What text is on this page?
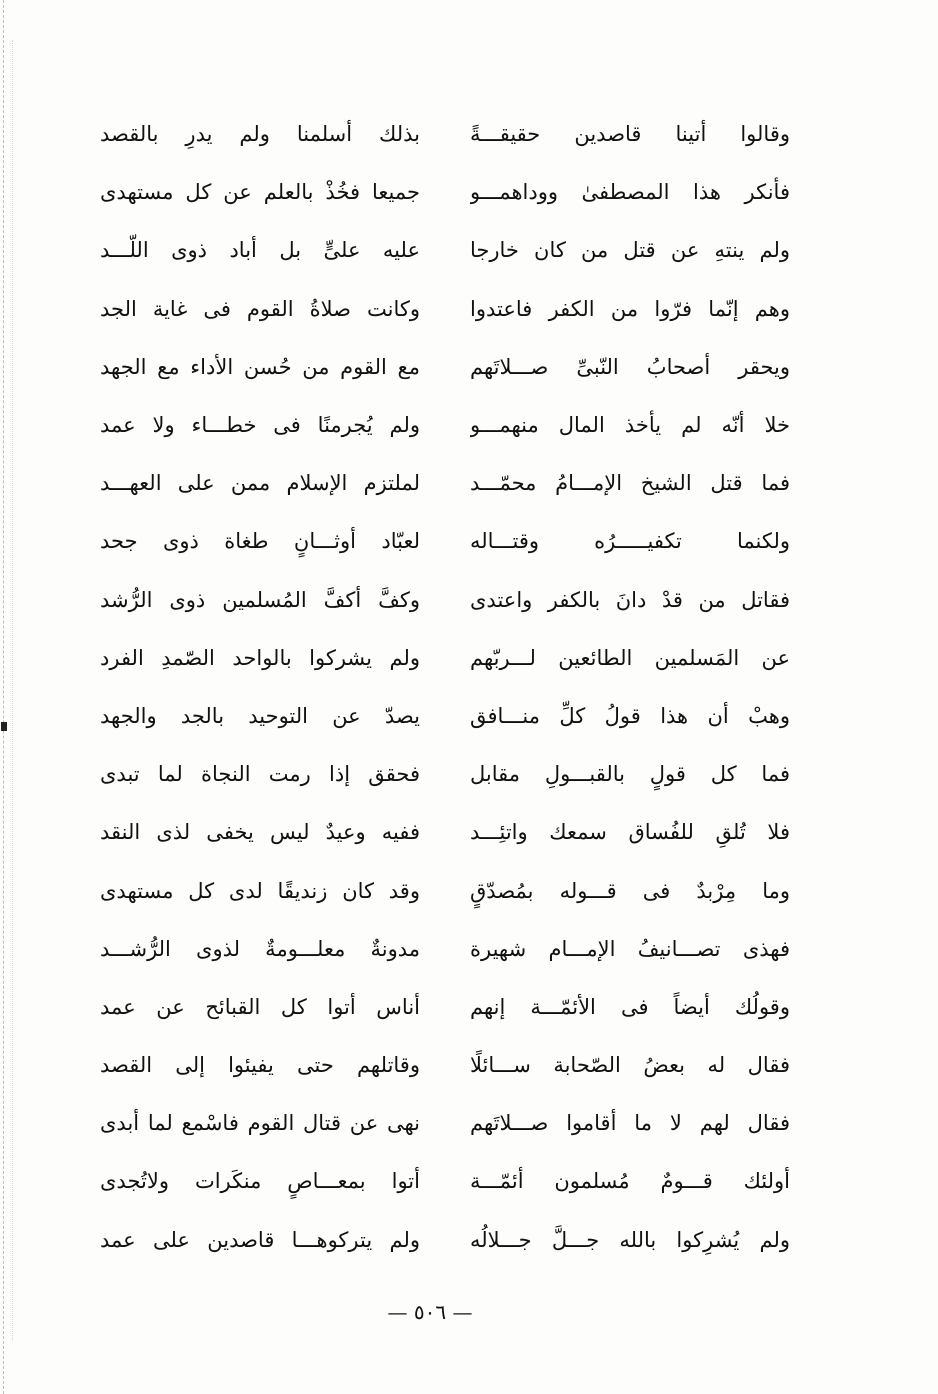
وقالوا أتينا قاصدين حقيقـــةً
بذلك أسلمنا ولم يدرِ بالقصد
فأنكر هذا المصطفىٰ ووداهمـــو
جميعا فخُذْ بالعلم عن كل مستهدى
ولم ينتهِ عن قتل من كان خارجا
عليه علىٍّ بل أباد ذوى اللّـــد
وهم إنّما فرّوا من الكفر فاعتدوا
وكانت صلاةُ القوم فى غاية الجد
ويحقر أصحابُ النّبىِّ صـــلاتَهم
مع القوم من حُسن الأداء مع الجهد
خلا أنّه لم يأخذ المال منهمـــو
ولم يُجرمنًا فى خطـــاء ولا عمد
فما قتل الشيخ الإمـــامُ محمّـــد
لملتزم الإسلام ممن على العهـــد
ولكنما تكفيـــــرُه وقتـــاله
لعبّاد أوثـــانٍ طغاة ذوى جحد
فقاتل من قدْ دانَ بالكفر واعتدى
وكفَّ أكفَّ المُسلمين ذوى الرُّشد
عن المَسلمين الطائعين لـــربّهم
ولم يشركوا بالواحد الصّمدِ الفرد
وهبْ أن هذا قولُ كلِّ منـــافق
يصدّ عن التوحيد بالجد والجهد
فما كل قولٍ بالقبـــولِ مقابل
فحقق إذا رمت النجاة لما تبدى
فلا تُلقِ للفُساق سمعك واتئِـــد
ففيه وعيدٌ ليس يخفى لذى النقد
وما مِرْبدٌ فى قـــوله بمُصدّقٍ
وقد كان زنديقًا لدى كل مستهدى
فهذى تصـــانيفُ الإمـــام شهيرة
مدونةٌ معلـــومةٌ لذوى الرُّشـــد
وقولُك أيضاً فى الأئمّـــة إنهم
أناس أتوا كل القبائح عن عمد
فقال له بعضُ الصّحابة ســـائلًا
وقاتلهم حتى يفيئوا إلى القصد
فقال لهم لا ما أقاموا صـــلاتَهم
نهى عن قتال القوم فاسْمع لما أبدى
أولئك قـــومٌ مُسلمون أئمّـــة
أتوا بمعـــاصٍ منكَرات ولاتُجدى
ولم يُشرِكوا بالله جـــلَّ جـــلالُه
ولم يتركوهـــا قاصدين على عمد
— ٥٠٦ —
